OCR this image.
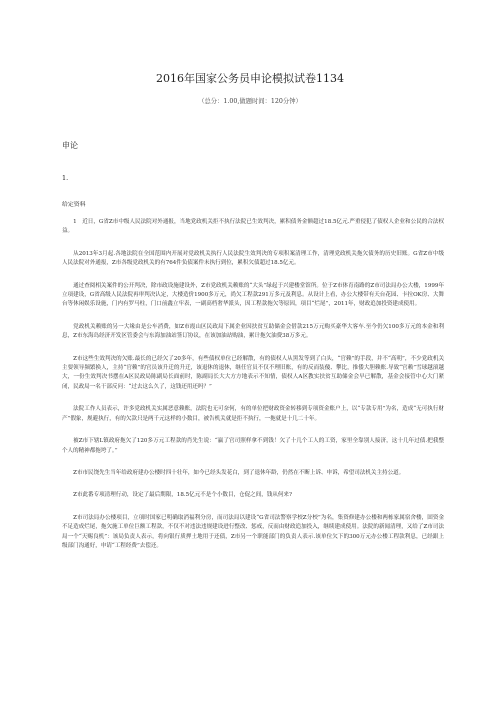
2016年国家公务员申论模拟试卷1134
（总分：1.00,做题时间：120分钟）
申论
1.
给定资料

1　近日，G省Z市中级人民法院对外通报，当地党政机关拒不执行法院已生效判决，累积债务金额超过18.5亿元.严重侵犯了债权人企业和公民的合法权益。

从2013年3月起.各地法院在全国范围内开展对党政机关执行人民法院生效判决的专项积案清理工作，清理党政机关拖欠债务的历史旧账。G省Z市中级人民法院对外通报，Z市各级党政机关的有764件负债案件未执行到位，累积欠债超过18.5亿元。

通过查阅相关案件的公开判决，除市政设施建设外，Z市党政机关赖账的“大头”绿起于兴建楼堂馆所。位于Z市体育南路的Z市司法局办公大楼，1999年立项建设，G省高级人民法院再审判决认定，大楼造价1900多万元，尚欠工程款291万多元及利息。从设计上看，办公大楼带有天台花园、卡拉OK房、大舞台等休闲娱乐设施，门内有罗马柱，门口前鑫立牢表，一副高档奢华派头，因工程款拖欠等原因，项目“烂尾”，2011年，财政追加投资建成使用。

党政机关赖账的另一大缘由是公车消费，如Z市霞山区民政局下属企业因扶贫互助储金会借款215万元购买豪华大客车.至今仍欠100多万元的本金和利息，Z市东海岛经济开发区管委会与东海加油站签订协议，在该加油站购油，累计拖欠油费38万多元。

Z市这些生效判决的欠账.最长的已经欠了20多年，有些债权单位已经解散，有的债权人从黑发等到了白头，“官赖”的手段，并不“高明”，不少党政机关主要领导频繁换人，主持“官赖”的官员该升迁的升迁，该退休的退休，继任官员不仅不理旧账，有的反而装傻、攀比，推倭大胆赖账.导致“官赖”雪球越滚越大，一份生效判决书摆在A区民政局陈副局长面前时，陈副局长大大方方地表示不知情，债权人A区教实扶贫互助储金会早已解散，基金会接管中心大门紧闭，民政局一名干部反问：“过去这么久了，这钱还用还吗？”

法院工作人员表示，许多党政机关实属恶意赖账，法院也无可奈何，有的单位把财政资金转移到专项资金账户上，以“专款专用”为名，造成“无可执行财产”假象，规避执行，有的欠款只是两千元这样的小数目，被告机关就是拒不执行，一拖就是十几二十年。

被Z市下辖L镇政府拖欠了120多万元工程款的肖先生说：“赢了官司照样拿不到钱！欠了十几个工人的工资，家里全靠别人接济，这十几年过债.把我整个人的精神都拖垮了。”

Z市市民饶先生当年给政府建办公楼时四十壮年，如今已经头发花白，到了退休年龄，仍然在不断上诉、申诉，希望司法机关主持公道。

Z市此番专项清理行动，设定了最后期限，18.5亿元不是个小数目，仓促之间，钱从何来?

Z市司法局办公楼项目，立项时国家已明确取消福利分房，而司法局以建设“G省司法警察学校Z分校”为名，集资修建办公楼和两栋家属宿舍楼，固资金不足造成烂尾，拖欠施工单位巨额工程款，不仅不对违法违规建设进行整改、惩戒，反而由财政追加投入，继续建成使用。法院的新闻清理，又给了Z市司法局一个“天赐良机”：该局负责人表示，将向银行质押土地用于还债，Z市另一个职能部门的负责人表示.该单位欠下的300万元办公楼工程款利息，已经跟上级部门沟通好，申请“工程经费”去偿还。
